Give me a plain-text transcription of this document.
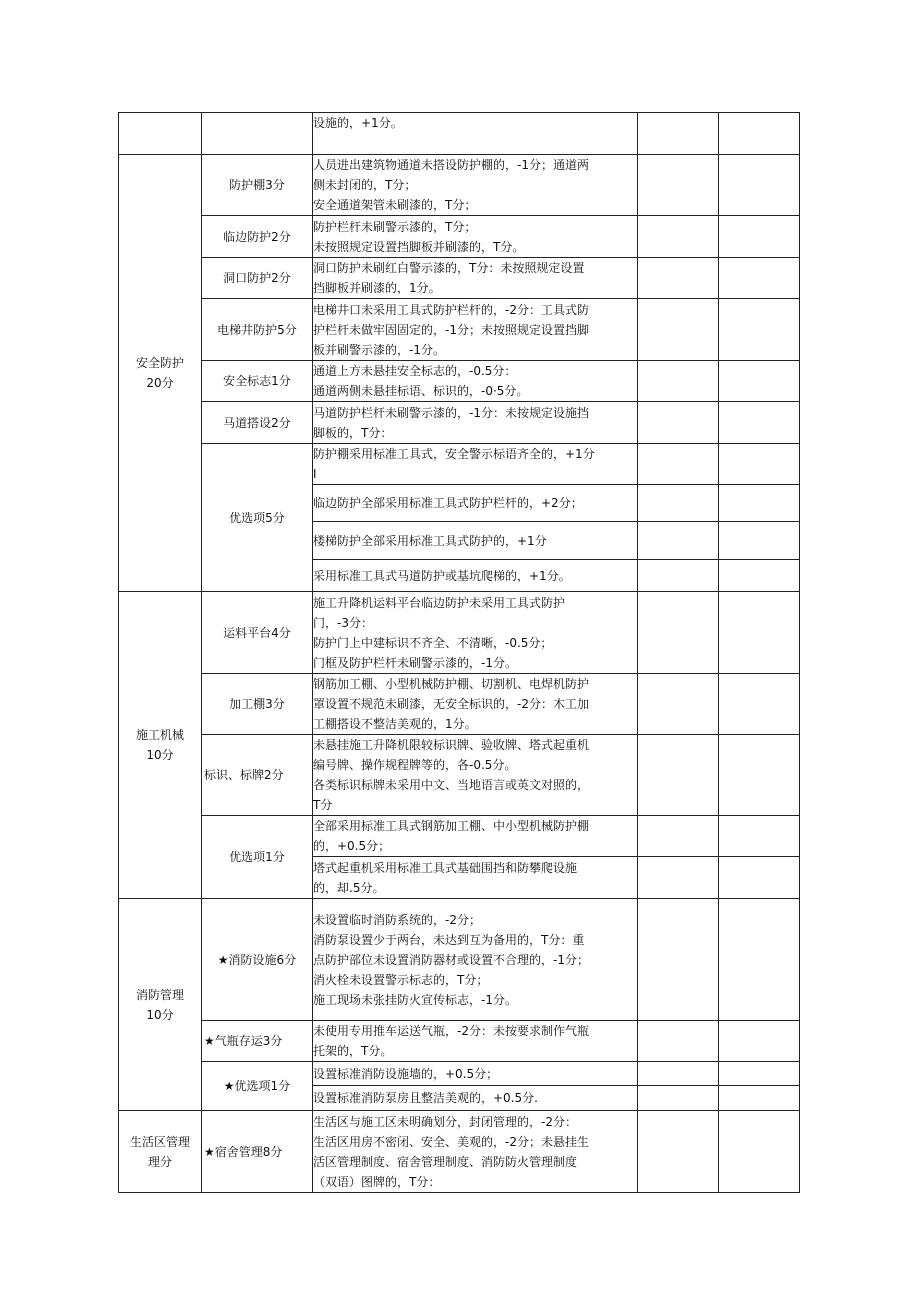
		设施的，+1分。		

安全防护
20分	防护棚3分	人员进出建筑物通道未搭设防护棚的，-1分；通道两
侧未封闭的，T分；
安全通道架管未刷漆的，T分；		

	临边防护2分	防护栏杆未刷警示漆的，T分；
未按照规定设置挡脚板并刷漆的，T分。		

	洞口防护2分	洞口防护未刷红白警示漆的，T分：未按照规定设置
挡脚板并刷漆的，1分。		

	电梯井防护5分	电梯井口未采用工具式防护栏杆的，-2分：工具式防
护栏杆未做牢固固定的，-1分；未按照规定设置挡脚
板并刷警示漆的，-1分。		

	安全标志1分	通道上方未悬挂安全标志的，-0.5分：
通道两侧未悬挂标语、标识的，-0·5分。		

	马道搭设2分	马道防护栏杆未刷警示漆的，-1分：未按规定设施挡
脚板的，T分：		

	优选项5分	防护棚采用标准工具式，安全警示标语齐全的，+1分
I		

		临边防护全部采用标准工具式防护栏杆的，+2分；		

		楼梯防护全部采用标准工具式防护的，+1分		

		采用标准工具式马道防护或基坑爬梯的，+1分。		

施工机械
10分	运料平台4分	施工升降机运料平台临边防护未采用工具式防护
门，-3分：
防护门上中建标识不齐全、不清晰，-0.5分；
门框及防护栏杆未刷警示漆的，-1分。		

	加工棚3分	钢筋加工棚、小型机械防护棚、切割机、电焊机防护
罩设置不规范未刷漆，无安全标识的，-2分：木工加
工棚搭设不整洁美观的，1分。		

	标识、标牌2分	未悬挂施工升降机限较标识牌、验收牌、塔式起重机
编号牌、操作规程牌等的，各-0.5分。
各类标识标牌未采用中文、当地语言或英文对照的，
T分		

	优选项1分	全部采用标准工具式钢筋加工棚、中小型机械防护棚
的，+0.5分；		

		塔式起重机采用标准工具式基础围挡和防攀爬设施
的，却.5分。		

消防管理
10分	★消防设施6分	未设置临时消防系统的，-2分；
消防泵设置少于两台，未达到互为备用的，T分：重
点防护部位未设置消防器材或设置不合理的，-1分；
消火栓未设置警示标志的，T分；
施工现场未张挂防火宣传标志，-1分。		

	★气瓶存运3分	未使用专用推车运送气瓶，-2分：未按要求制作气瓶
托架的，T分。		

	★优选项1分	设置标准消防设施墙的，+0.5分；		

		设置标准消防泵房且整洁美观的，+0.5分.		

生活区管理
理分	★宿舍管理8分	生活区与施工区未明确划分，封闭管理的，-2分：
生活区用房不密闭、安全、美观的，-2分；未悬挂生
活区管理制度、宿舍管理制度、消防防火管理制度
（双语）图牌的，T分：		
